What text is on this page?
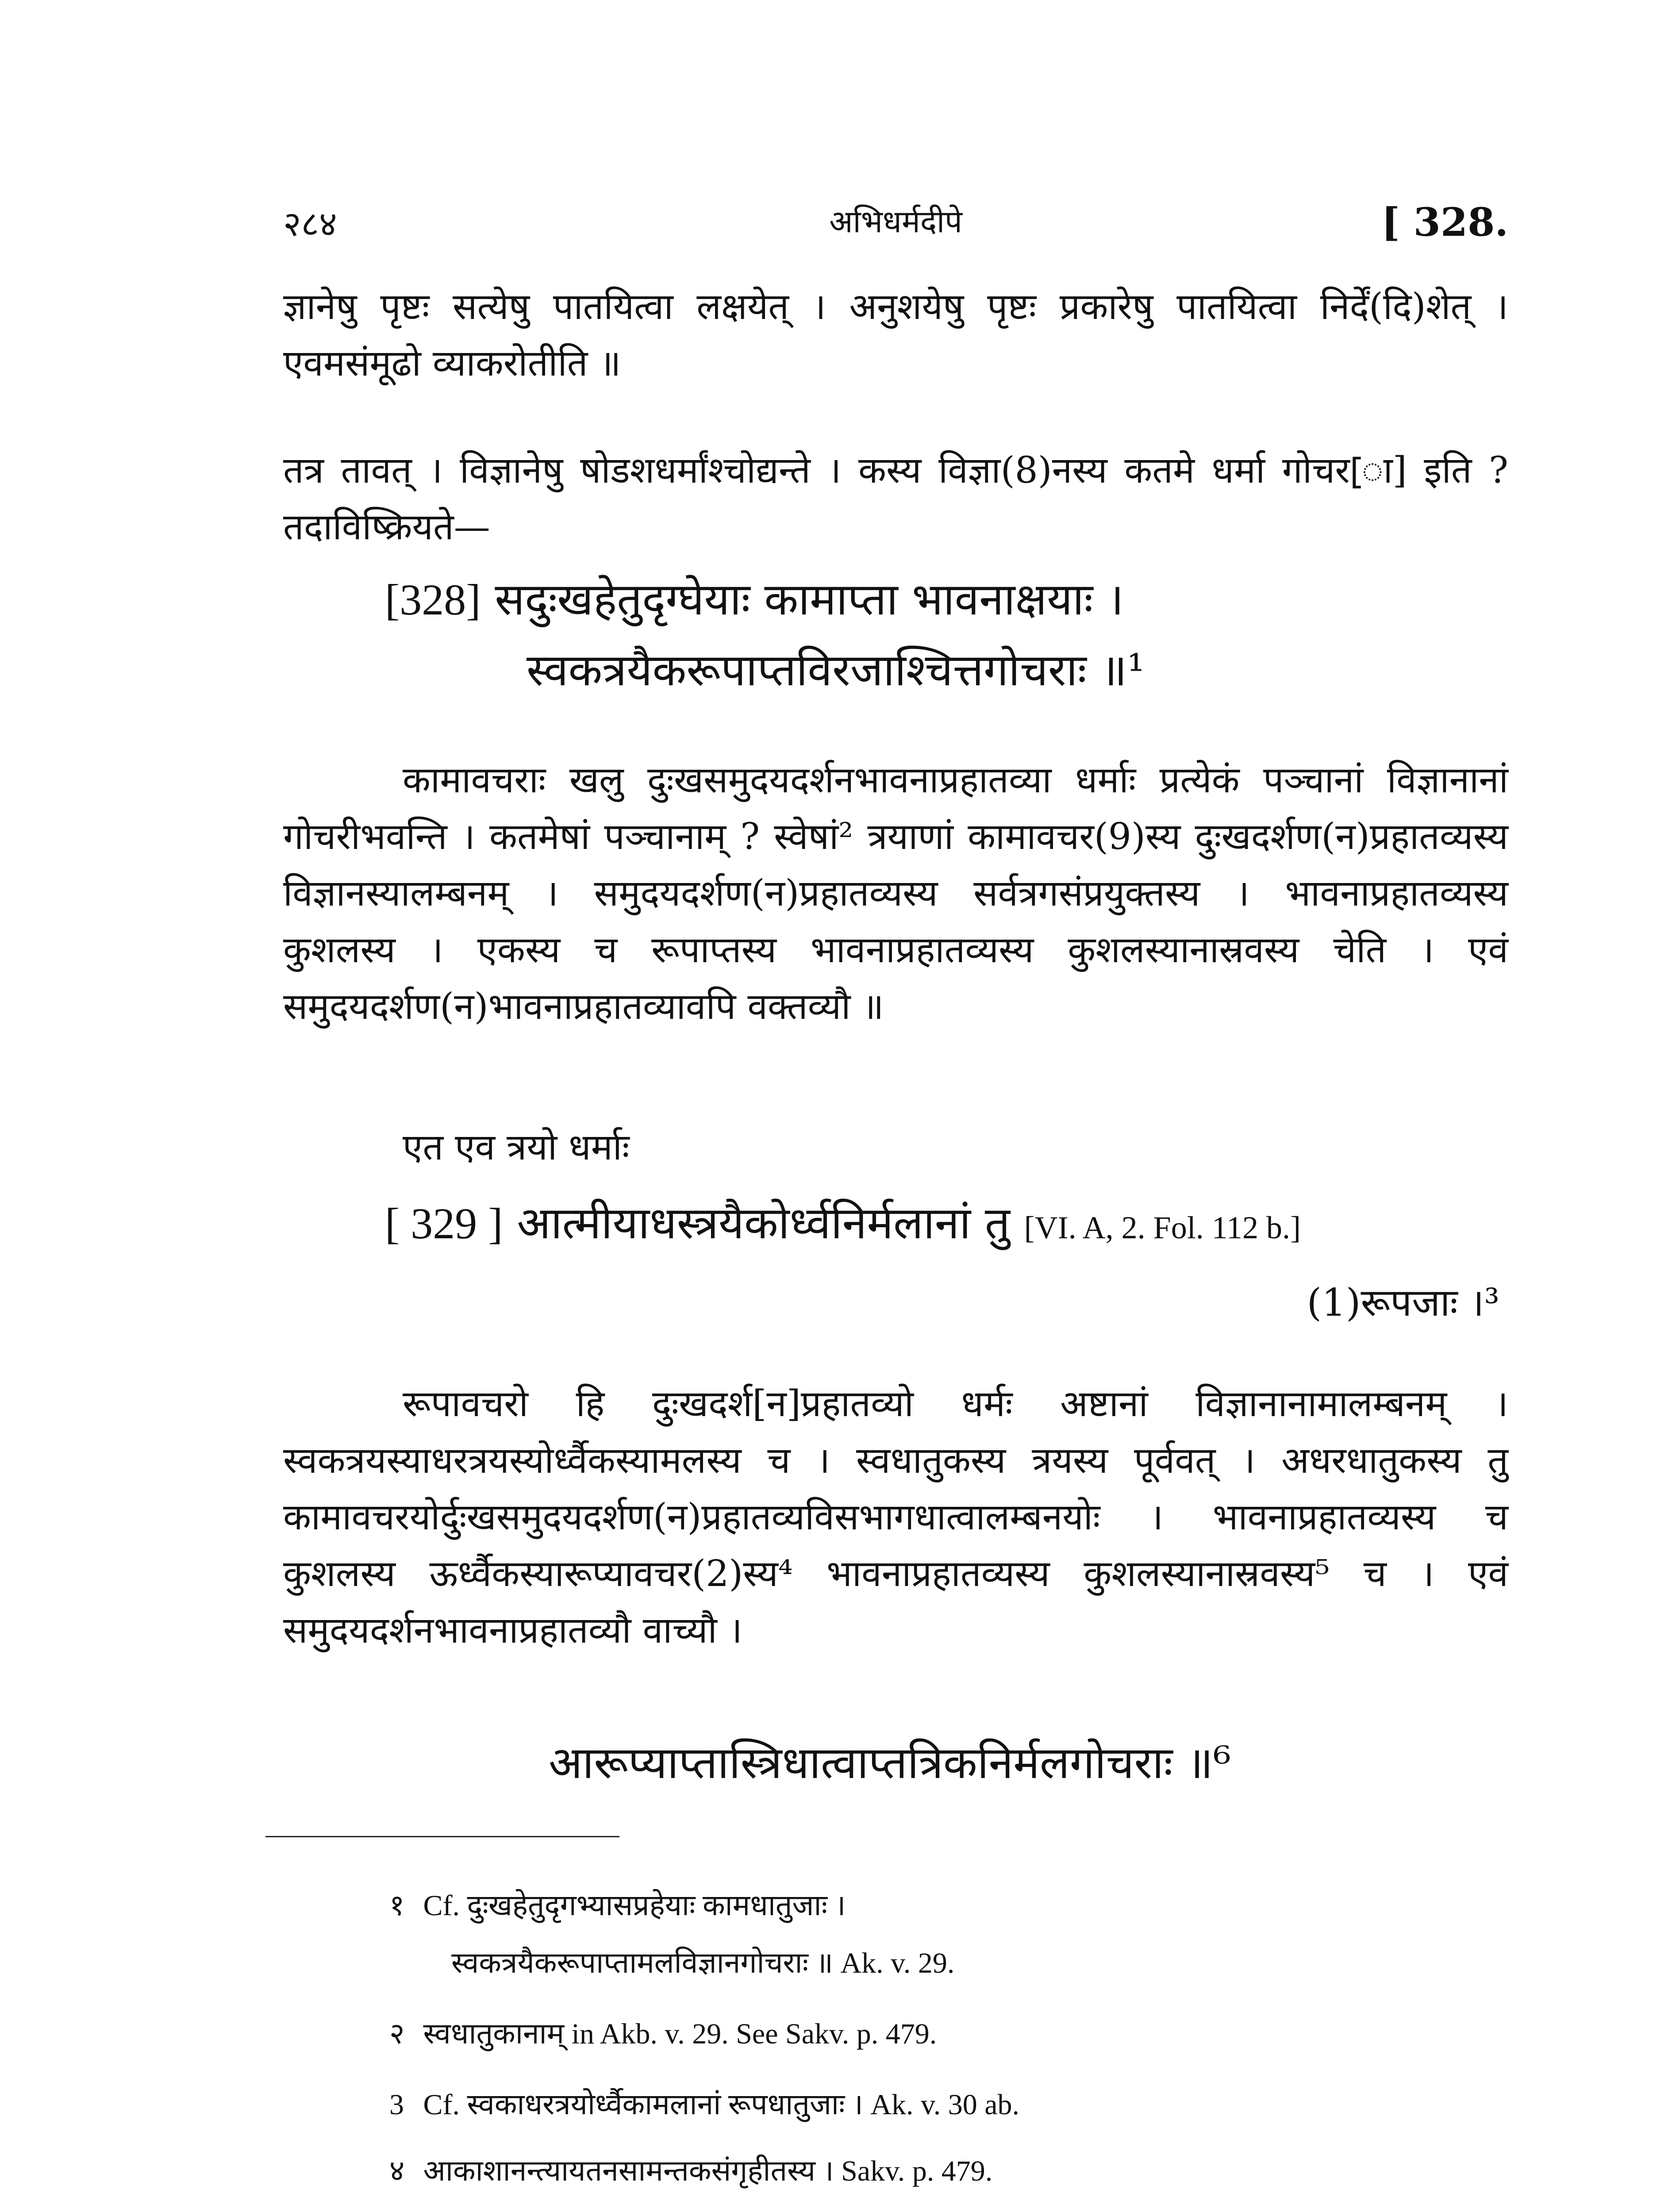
२८४	अभिधर्मदीपे	[ 328.

ज्ञानेषु पृष्टः सत्येषु पातयित्वा लक्षयेत् । अनुशयेषु पृष्टः प्रकारेषु पातयित्वा निर्दें(दि)शेत् । एवमसंमूढो व्याकरोतीति ॥

तत्र तावत् । विज्ञानेषु षोडशधर्मांश्चोद्यन्ते । कस्य विज्ञा(8)नस्य कतमे धर्मा गोचर[ा] इति ? तदाविष्क्रियते—

[328] सदुःखहेतुदृग्घेयाः कामाप्ता भावनाक्षयाः ।
स्वकत्रयैकरूपाप्तविरजाश्चित्तगोचराः ॥¹

कामावचराः खलु दुःखसमुदयदर्शनभावनाप्रहातव्या धर्माः प्रत्येकं पञ्चानां विज्ञानानां गोचरीभवन्ति । कतमेषां पञ्चानाम् ? स्वेषां² त्रयाणां कामावचर(9)स्य दुःखदर्शण(न)प्रहातव्यस्य विज्ञानस्यालम्बनम् । समुदयदर्शण(न)प्रहातव्यस्य सर्वत्रगसंप्रयुक्तस्य । भावनाप्रहातव्यस्य कुशलस्य । एकस्य च रूपाप्तस्य भावनाप्रहातव्यस्य कुशलस्यानास्रवस्य चेति । एवं समुदयदर्शण(न)भावनाप्रहातव्यावपि वक्तव्यौ ॥

एत एव त्रयो धर्माः

[ 329 ] आत्मीयाधस्त्रयैकोर्ध्वनिर्मलानां तु [VI. A, 2. Fol. 112 b.]
(1)रूपजाः ।³

रूपावचरो हि दुःखदर्श[न]प्रहातव्यो धर्मः अष्टानां विज्ञानानामालम्बनम् । स्वकत्रयस्याधरत्रयस्योर्ध्वैकस्यामलस्य च । स्वधातुकस्य त्रयस्य पूर्ववत् । अधरधातुकस्य तु कामावचरयोर्दुःखसमुदयदर्शण(न)प्रहातव्यविसभागधात्वालम्बनयोः । भावनाप्रहातव्यस्य च कुशलस्य ऊर्ध्वैकस्यारूप्यावचर(2)स्य⁴ भावनाप्रहातव्यस्य कुशलस्यानास्रवस्य⁵ च । एवं समुदयदर्शनभावनाप्रहातव्यौ वाच्यौ ।

आरूप्याप्तास्त्रिधात्वाप्तत्रिकनिर्मलगोचराः ॥⁶
१ Cf. दुःखहेतुदृगभ्यासप्रहेयाः कामधातुजाः ।
स्वकत्रयैकरूपाप्तामलविज्ञानगोचराः ॥ Ak. v. 29.
२ स्वधातुकानाम् in Akb. v. 29. See Sakv. p. 479.
3 Cf. स्वकाधरत्रयोर्ध्वैकामलानां रूपधातुजाः । Ak. v. 30 ab.
४ आकाशानन्त्यायतनसामन्तकसंगृहीतस्य । Sakv. p. 479.
